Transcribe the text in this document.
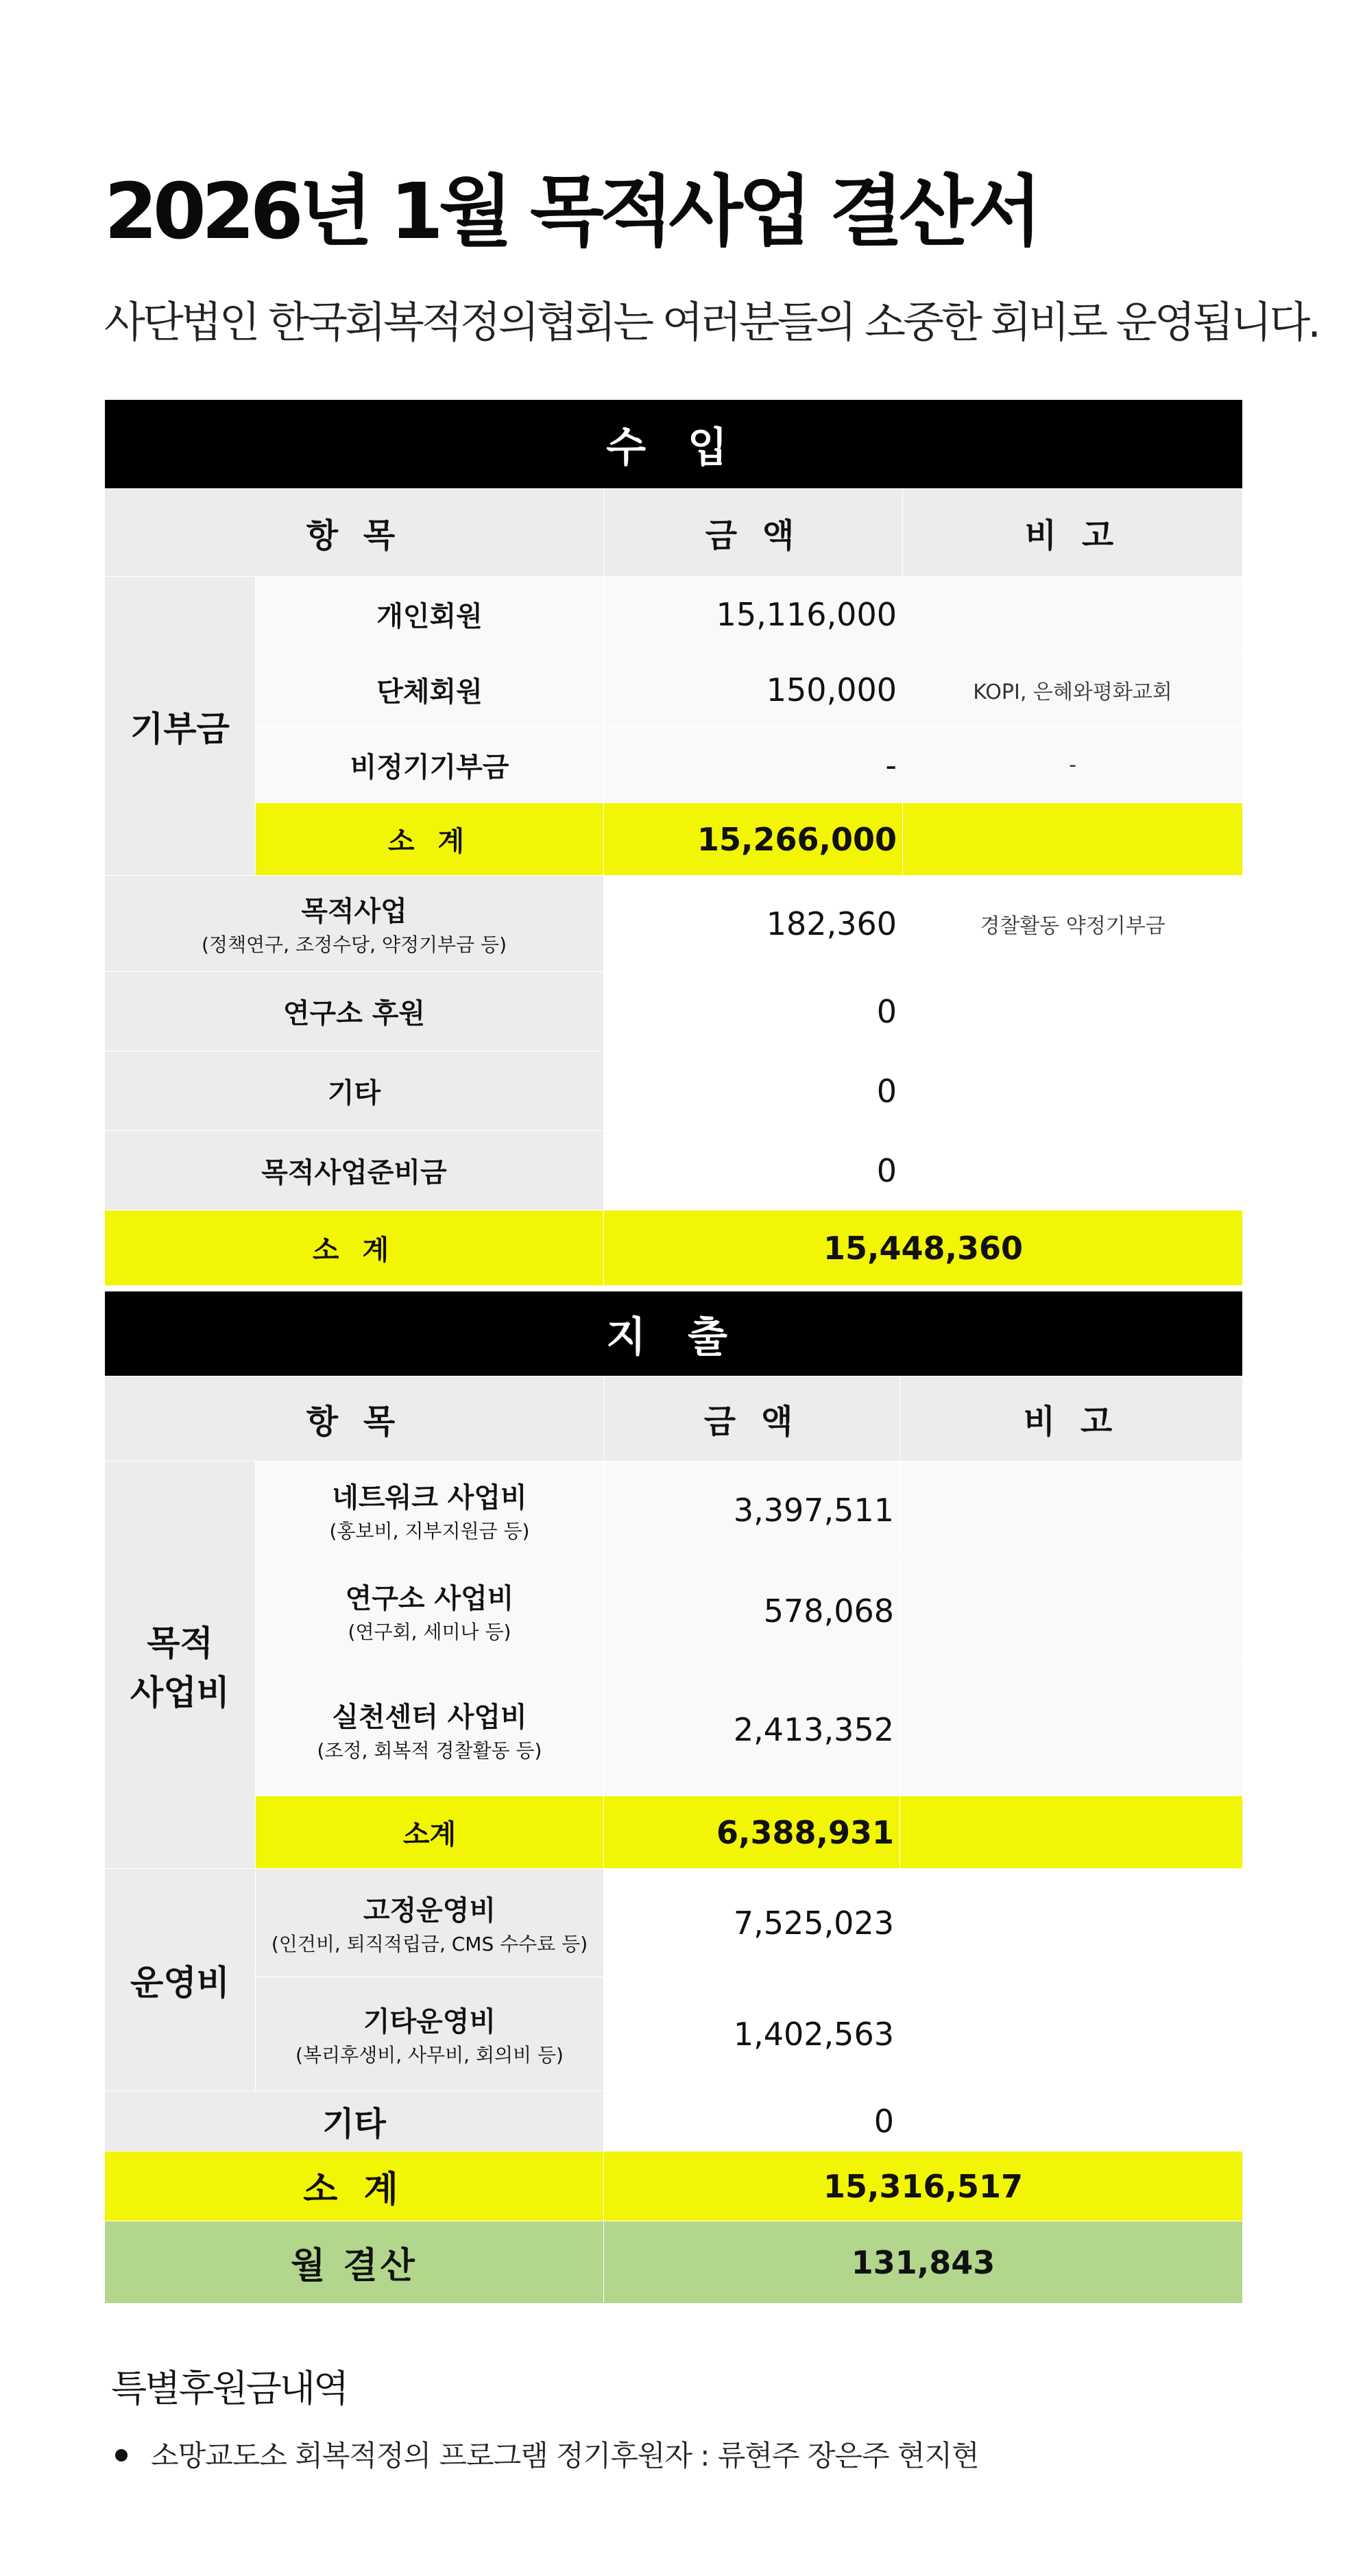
2026년 1월 목적사업 결산서
사단법인 한국회복적정의협회는 여러분들의 소중한 회비로 운영됩니다.
수 입			
항 목		금 액	비 고
기부금	개인회원	15,116,000	
	단체회원	150,000	KOPI, 은혜와평화교회
	비정기기부금	-	-
	소 계	15,266,000	

목적사업
(정책연구, 조정수당, 약정기부금 등)		182,360	경찰활동 약정기부금
연구소 후원		0	
기타		0	
목적사업준비금		0	
소 계		15,448,360	
지 출			
항 목		금 액	비 고

목적
사업비	네트워크 사업비
(홍보비, 지부지원금 등)	3,397,511	

	연구소 사업비
(연구회, 세미나 등)	578,068	

	실천센터 사업비
(조정, 회복적 경찰활동 등)	2,413,352	
	소계	6,388,931	
운영비	고정운영비
(인건비, 퇴직적립금, CMS 수수료 등)	7,525,023	

	기타운영비
(복리후생비, 사무비, 회의비 등)	1,402,563	
기타		0	
소 계		15,316,517	
월 결산		131,843	
특별후원금내역
소망교도소 회복적정의 프로그램 정기후원자 : 류현주 장은주 현지현
